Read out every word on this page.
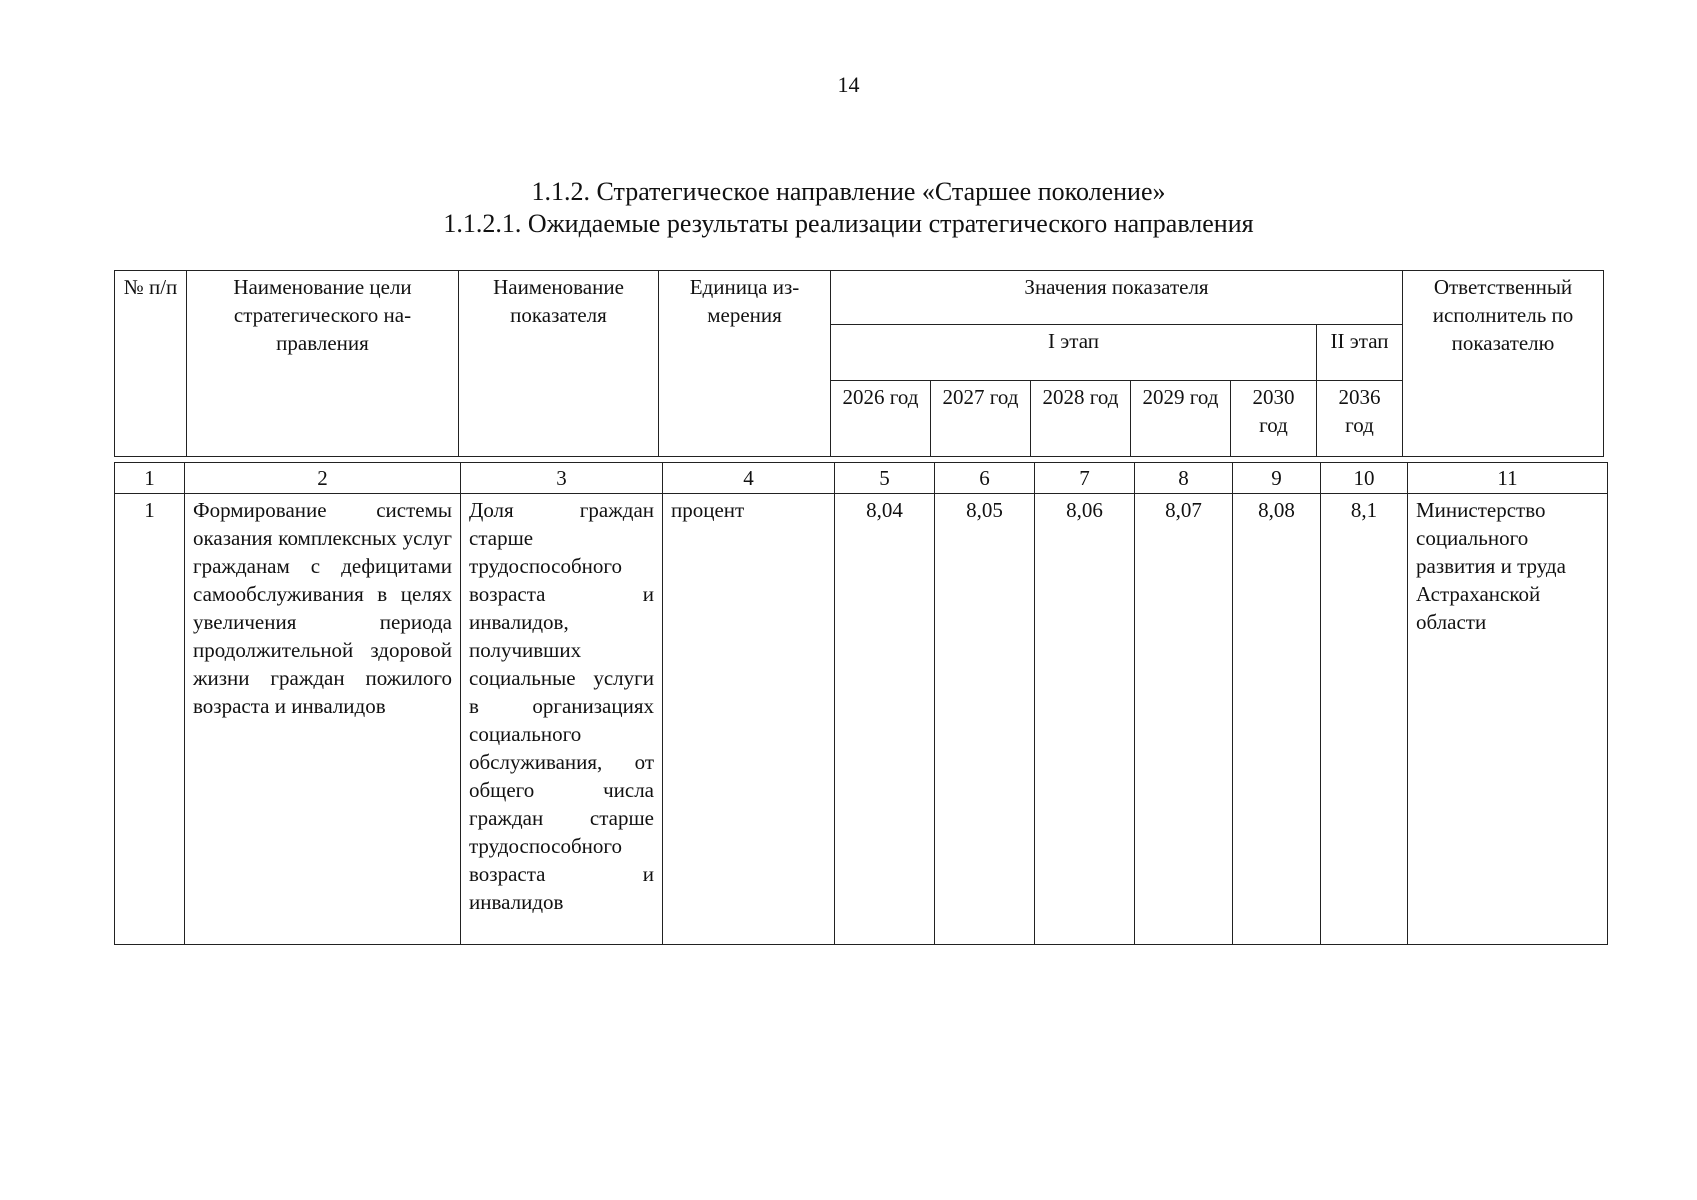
14
1.1.2. Стратегическое направление «Старшее поколение»
1.1.2.1. Ожидаемые результаты реализации стратегического направления
№ п/п	Наименование цели стратегического на-правления	Наименование показателя	Единица из-мерения	Значения показателя						Ответственный исполнитель по показателю
				I этап					II этап	
				2026 год	2027 год	2028 год	2029 год	2030 год	2036 год	
1	2	3	4	5	6	7	8	9	10	11
1	Формирование системы оказания комплексных услуг гражданам с дефицитами самообслуживания в целях увеличения периода продолжительной здоровой жизни граждан пожилого возраста и инвалидов	Доля граждан старше трудоспособного возраста и инвалидов, получивших социальные услуги в организациях социального обслуживания, от общего числа граждан старше трудоспособного возраста и инвалидов	процент	8,04	8,05	8,06	8,07	8,08	8,1	Министерство социального развития и труда Астраханской области
